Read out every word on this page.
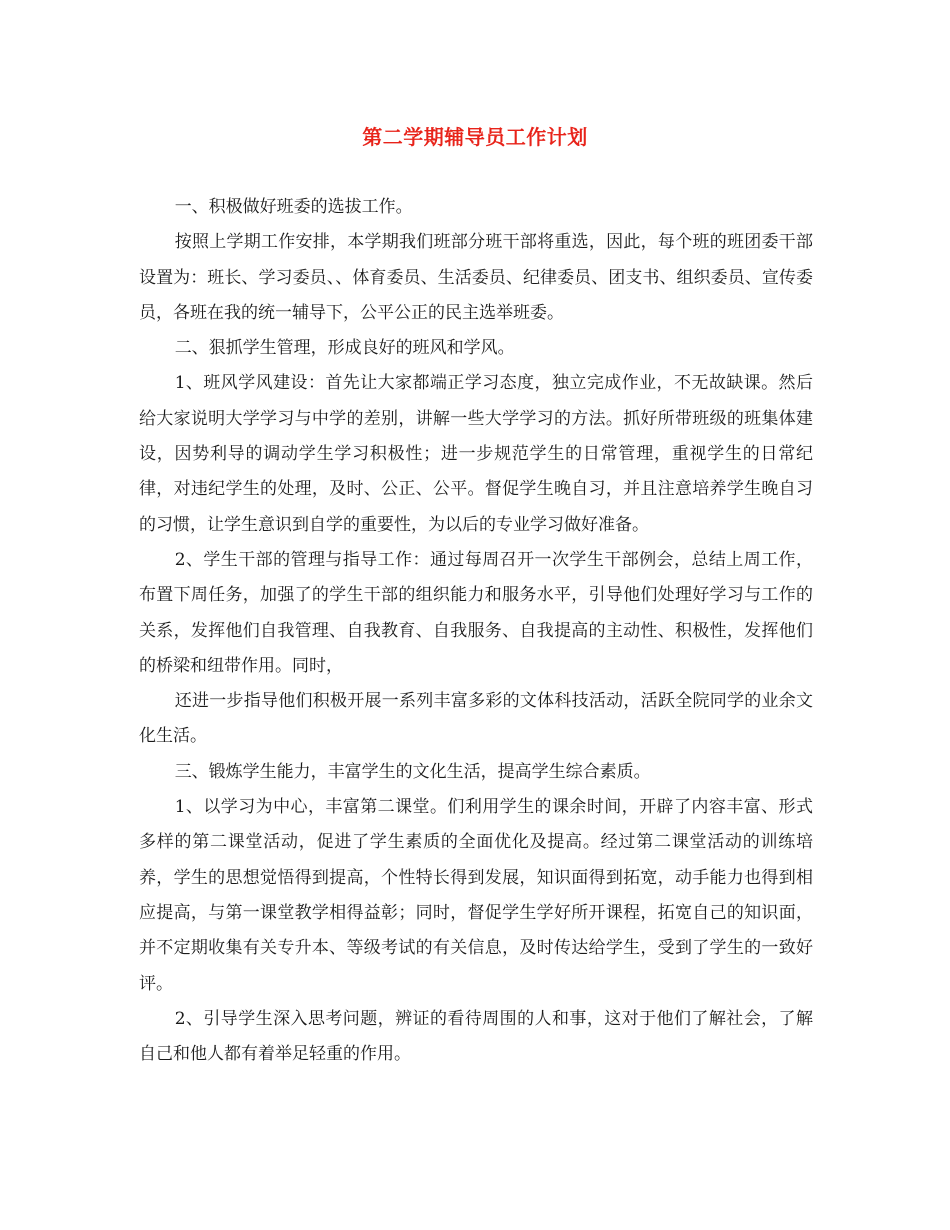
第二学期辅导员工作计划

一、积极做好班委的选拔工作。

按照上学期工作安排，本学期我们班部分班干部将重选，因此，每个班的班团委干部设置为：班长、学习委员、、体育委员、生活委员、纪律委员、团支书、组织委员、宣传委员，各班在我的统一辅导下，公平公正的民主选举班委。

二、狠抓学生管理，形成良好的班风和学风。

1、班风学风建设：首先让大家都端正学习态度，独立完成作业，不无故缺课。然后给大家说明大学学习与中学的差别，讲解一些大学学习的方法。抓好所带班级的班集体建设，因势利导的调动学生学习积极性；进一步规范学生的日常管理，重视学生的日常纪律，对违纪学生的处理，及时、公正、公平。督促学生晚自习，并且注意培养学生晚自习的习惯，让学生意识到自学的重要性，为以后的专业学习做好准备。

2、学生干部的管理与指导工作：通过每周召开一次学生干部例会，总结上周工作，布置下周任务，加强了的学生干部的组织能力和服务水平，引导他们处理好学习与工作的关系，发挥他们自我管理、自我教育、自我服务、自我提高的主动性、积极性，发挥他们的桥梁和纽带作用。同时，

还进一步指导他们积极开展一系列丰富多彩的文体科技活动，活跃全院同学的业余文化生活。

三、锻炼学生能力，丰富学生的文化生活，提高学生综合素质。

1、以学习为中心，丰富第二课堂。们利用学生的课余时间，开辟了内容丰富、形式多样的第二课堂活动，促进了学生素质的全面优化及提高。经过第二课堂活动的训练培养，学生的思想觉悟得到提高，个性特长得到发展，知识面得到拓宽，动手能力也得到相应提高，与第一课堂教学相得益彰；同时，督促学生学好所开课程，拓宽自己的知识面，并不定期收集有关专升本、等级考试的有关信息，及时传达给学生，受到了学生的一致好评。

2、引导学生深入思考问题，辨证的看待周围的人和事，这对于他们了解社会，了解自己和他人都有着举足轻重的作用。
